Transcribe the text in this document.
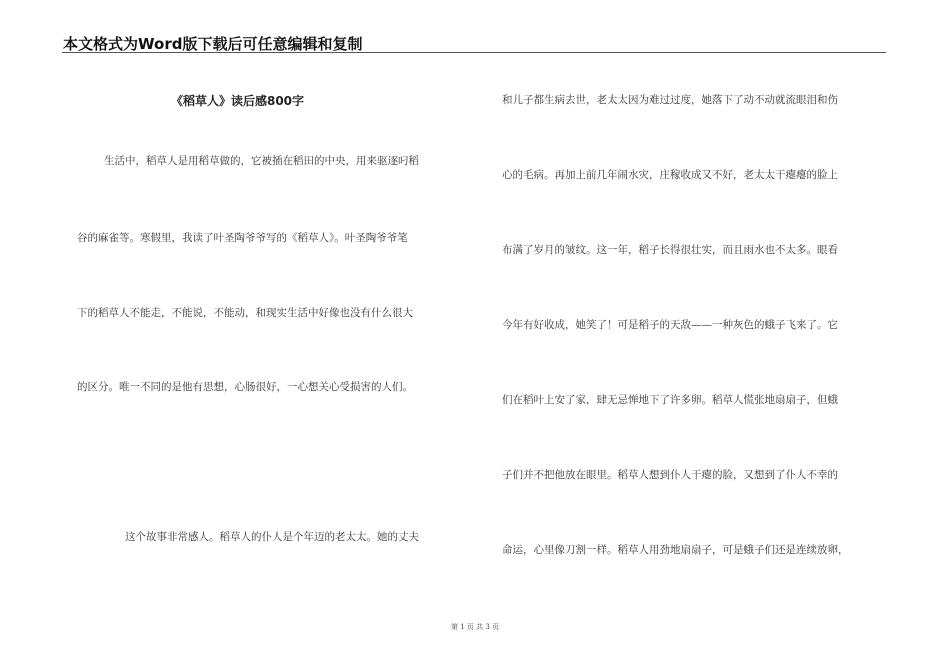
本文格式为Word版下载后可任意编辑和复制
《稻草人》读后感800字
生活中，稻草人是用稻草做的，它被插在稻田的中央，用来驱逐叼稻
谷的麻雀等。寒假里，我读了叶圣陶爷爷写的《稻草人》。叶圣陶爷爷笔
下的稻草人不能走，不能说，不能动，和现实生活中好像也没有什么很大
的区分。唯一不同的是他有思想，心肠很好，一心想关心受损害的人们。
这个故事非常感人。稻草人的仆人是个年迈的老太太。她的丈夫
和儿子都生病去世，老太太因为难过过度，她落下了动不动就流眼泪和伤
心的毛病。再加上前几年闹水灾，庄稼收成又不好，老太太干瘪瘪的脸上
布满了岁月的皱纹。这一年，稻子长得很壮实，而且雨水也不太多。眼看
今年有好收成，她笑了！可是稻子的天敌——一种灰色的蛾子飞来了。它
们在稻叶上安了家，肆无忌惮地下了许多卵。稻草人慌张地扇扇子，但蛾
子们并不把他放在眼里。稻草人想到仆人干瘪的脸，又想到了仆人不幸的
命运，心里像刀割一样。稻草人用劲地扇扇子，可是蛾子们还是连续放卵，
第 1 页 共 3 页
